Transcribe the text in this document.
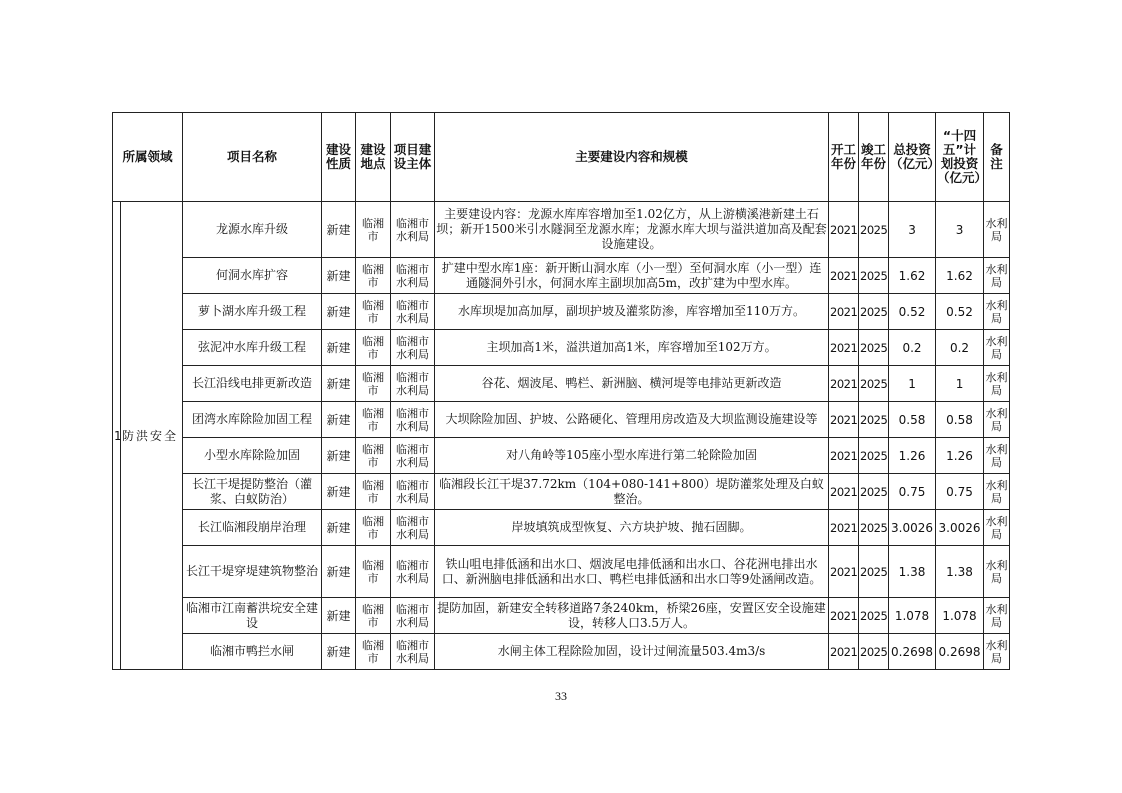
所属领域		项目名称	建设性质	建设地点	项目建设主体	主要建设内容和规模	开工年份	竣工年份	总投资（亿元）	“十四五”计划投资（亿元）	备注
1	防洪安全	龙源水库升级	新建	临湘市	临湘市水利局	主要建设内容：龙源水库库容增加至1.02亿方，从上游横溪港新建土石坝；新开1500米引水隧洞至龙源水库；龙源水库大坝与溢洪道加高及配套设施建设。	2021	2025	3	3	水利局
		何洞水库扩容	新建	临湘市	临湘市水利局	扩建中型水库1座：新开断山洞水库（小一型）至何洞水库（小一型）连通隧洞外引水，何洞水库主副坝加高5m，改扩建为中型水库。	2021	2025	1.62	1.62	水利局
		萝卜湖水库升级工程	新建	临湘市	临湘市水利局	水库坝堤加高加厚，副坝护坡及灌浆防渗，库容增加至110万方。	2021	2025	0.52	0.52	水利局
		弦泥冲水库升级工程	新建	临湘市	临湘市水利局	主坝加高1米，溢洪道加高1米，库容增加至102万方。	2021	2025	0.2	0.2	水利局
		长江沿线电排更新改造	新建	临湘市	临湘市水利局	谷花、烟波尾、鸭栏、新洲脑、横河堤等电排站更新改造	2021	2025	1	1	水利局
		团湾水库除险加固工程	新建	临湘市	临湘市水利局	大坝除险加固、护坡、公路硬化、管理用房改造及大坝监测设施建设等	2021	2025	0.58	0.58	水利局
		小型水库除险加固	新建	临湘市	临湘市水利局	对八角岭等105座小型水库进行第二轮除险加固	2021	2025	1.26	1.26	水利局
		长江干堤提防整治（灌浆、白蚁防治）	新建	临湘市	临湘市水利局	临湘段长江干堤37.72km（104+080-141+800）堤防灌浆处理及白蚁整治。	2021	2025	0.75	0.75	水利局
		长江临湘段崩岸治理	新建	临湘市	临湘市水利局	岸坡填筑成型恢复、六方块护坡、抛石固脚。	2021	2025	3.0026	3.0026	水利局
		长江干堤穿堤建筑物整治	新建	临湘市	临湘市水利局	铁山咀电排低涵和出水口、烟波尾电排低涵和出水口、谷花洲电排出水口、新洲脑电排低涵和出水口、鸭栏电排低涵和出水口等9处涵闸改造。	2021	2025	1.38	1.38	水利局
		临湘市江南蓄洪垸安全建设	新建	临湘市	临湘市水利局	提防加固，新建安全转移道路7条240km，桥梁26座，安置区安全设施建设，转移人口3.5万人。	2021	2025	1.078	1.078	水利局
		临湘市鸭拦水闸	新建	临湘市	临湘市水利局	水闸主体工程除险加固，设计过闸流量503.4m3/s	2021	2025	0.2698	0.2698	水利局
33
